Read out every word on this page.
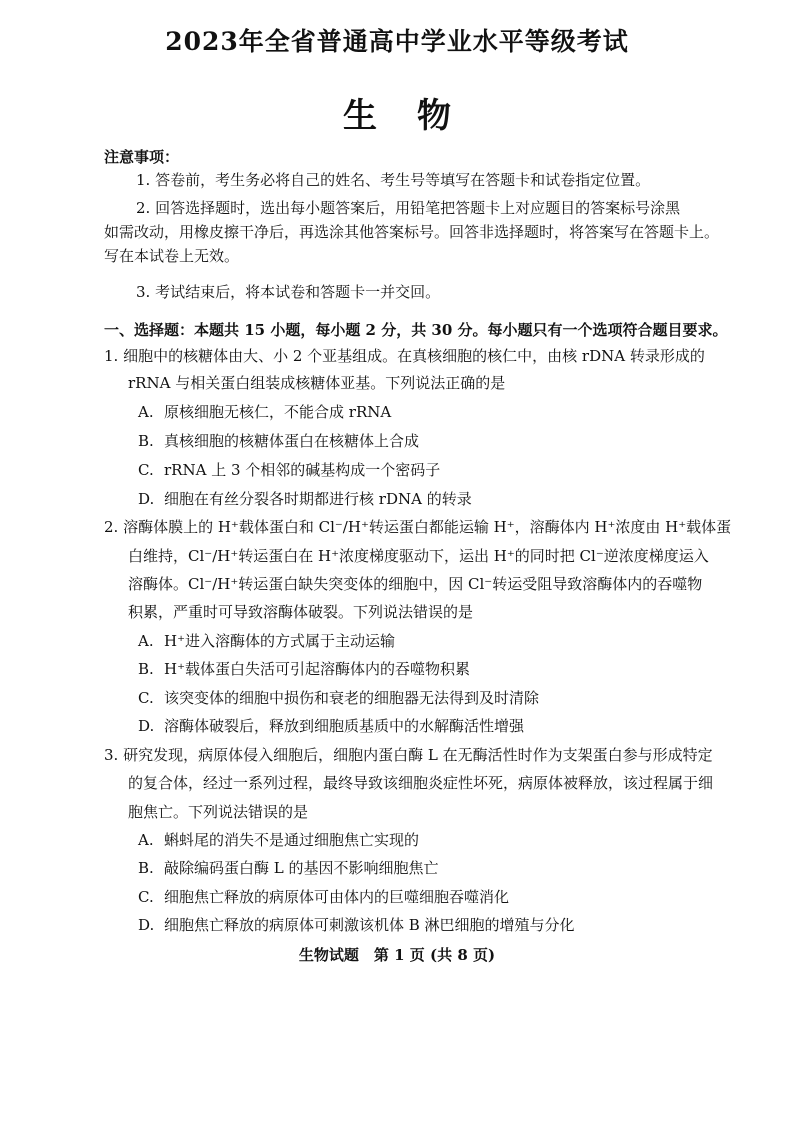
2023年全省普通高中学业水平等级考试
生物
注意事项：
1. 答卷前，考生务必将自己的姓名、考生号等填写在答题卡和试卷指定位置。
2. 回答选择题时，选出每小题答案后，用铅笔把答题卡上对应题目的答案标号涂黑
如需改动，用橡皮擦干净后，再选涂其他答案标号。回答非选择题时，将答案写在答题卡上。
写在本试卷上无效。
3. 考试结束后，将本试卷和答题卡一并交回。
一、选择题：本题共 15 小题，每小题 2 分，共 30 分。每小题只有一个选项符合题目要求。
1. 细胞中的核糖体由大、小 2 个亚基组成。在真核细胞的核仁中，由核 rDNA 转录形成的
rRNA 与相关蛋白组装成核糖体亚基。下列说法正确的是
A. 原核细胞无核仁，不能合成 rRNA
B. 真核细胞的核糖体蛋白在核糖体上合成
C. rRNA 上 3 个相邻的碱基构成一个密码子
D. 细胞在有丝分裂各时期都进行核 rDNA 的转录
2. 溶酶体膜上的 H⁺载体蛋白和 Cl⁻/H⁺转运蛋白都能运输 H⁺，溶酶体内 H⁺浓度由 H⁺载体蛋
白维持，Cl⁻/H⁺转运蛋白在 H⁺浓度梯度驱动下，运出 H⁺的同时把 Cl⁻逆浓度梯度运入
溶酶体。Cl⁻/H⁺转运蛋白缺失突变体的细胞中，因 Cl⁻转运受阻导致溶酶体内的吞噬物
积累，严重时可导致溶酶体破裂。下列说法错误的是
A. H⁺进入溶酶体的方式属于主动运输
B. H⁺载体蛋白失活可引起溶酶体内的吞噬物积累
C. 该突变体的细胞中损伤和衰老的细胞器无法得到及时清除
D. 溶酶体破裂后，释放到细胞质基质中的水解酶活性增强
3. 研究发现，病原体侵入细胞后，细胞内蛋白酶 L 在无酶活性时作为支架蛋白参与形成特定
的复合体，经过一系列过程，最终导致该细胞炎症性坏死，病原体被释放，该过程属于细
胞焦亡。下列说法错误的是
A. 蝌蚪尾的消失不是通过细胞焦亡实现的
B. 敲除编码蛋白酶 L 的基因不影响细胞焦亡
C. 细胞焦亡释放的病原体可由体内的巨噬细胞吞噬消化
D. 细胞焦亡释放的病原体可刺激该机体 B 淋巴细胞的增殖与分化
生物试题　第 1 页 (共 8 页)
